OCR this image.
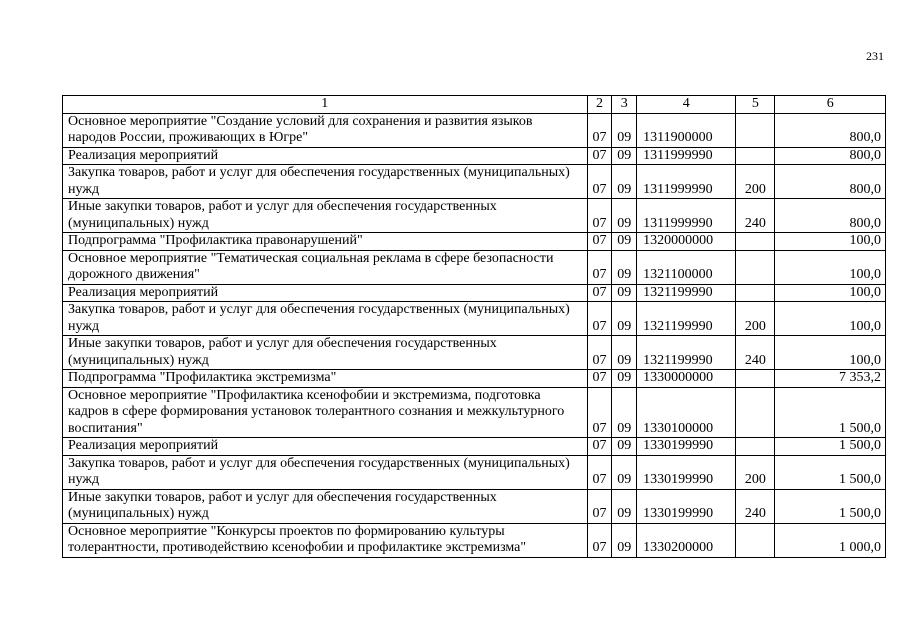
231
1	2	3	4	5	6
Основное мероприятие "Создание условий для сохранения и развития языков народов России, проживающих в Югре"	07	09	1311900000		800,0
Реализация мероприятий	07	09	1311999990		800,0
Закупка товаров, работ и услуг для обеспечения государственных (муниципальных) нужд	07	09	1311999990	200	800,0
Иные закупки товаров, работ и услуг для обеспечения государственных (муниципальных) нужд	07	09	1311999990	240	800,0
Подпрограмма "Профилактика правонарушений"	07	09	1320000000		100,0
Основное мероприятие "Тематическая социальная реклама в сфере безопасности дорожного движения"	07	09	1321100000		100,0
Реализация мероприятий	07	09	1321199990		100,0
Закупка товаров, работ и услуг для обеспечения государственных (муниципальных) нужд	07	09	1321199990	200	100,0
Иные закупки товаров, работ и услуг для обеспечения государственных (муниципальных) нужд	07	09	1321199990	240	100,0
Подпрограмма "Профилактика экстремизма"	07	09	1330000000		7 353,2
Основное мероприятие "Профилактика ксенофобии и экстремизма, подготовка кадров в сфере формирования установок толерантного сознания и межкультурного воспитания"	07	09	1330100000		1 500,0
Реализация мероприятий	07	09	1330199990		1 500,0
Закупка товаров, работ и услуг для обеспечения государственных (муниципальных) нужд	07	09	1330199990	200	1 500,0
Иные закупки товаров, работ и услуг для обеспечения государственных (муниципальных) нужд	07	09	1330199990	240	1 500,0
Основное мероприятие "Конкурсы проектов по формированию культуры толерантности, противодействию ксенофобии и профилактике экстремизма"	07	09	1330200000		1 000,0
